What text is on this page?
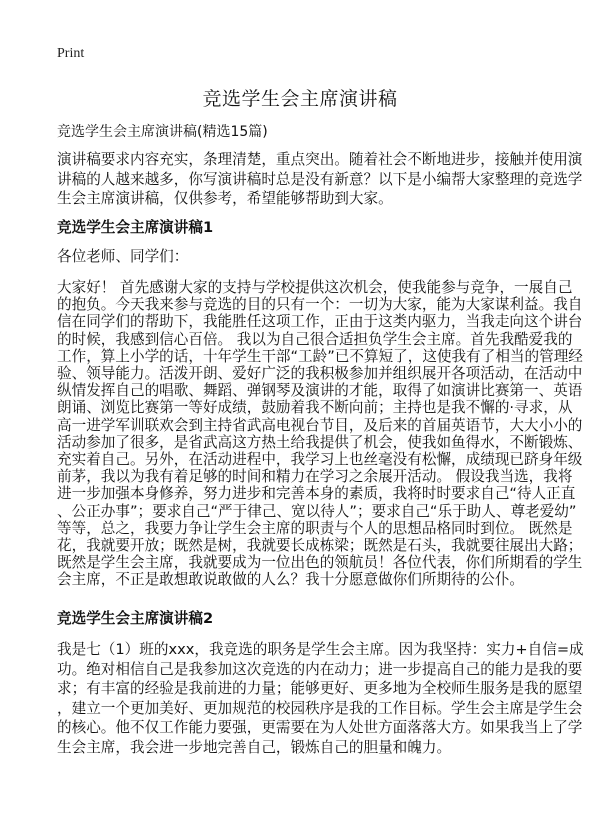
Print
竞选学生会主席演讲稿
竞选学生会主席演讲稿(精选15篇)
演讲稿要求内容充实，条理清楚，重点突出。随着社会不断地进步，接触并使用演
讲稿的人越来越多，你写演讲稿时总是没有新意？以下是小编帮大家整理的竞选学
生会主席演讲稿，仅供参考，希望能够帮助到大家。
竞选学生会主席演讲稿1
各位老师、同学们：
大家好！ 首先感谢大家的支持与学校提供这次机会，使我能参与竞争，一展自己
的抱负。今天我来参与竞选的目的只有一个：一切为大家，能为大家谋利益。我自
信在同学们的帮助下，我能胜任这项工作，正由于这类内驱力，当我走向这个讲台
的时候，我感到信心百倍。 我以为自己很合适担负学生会主席。首先我酷爱我的
工作，算上小学的话，十年学生干部“工龄”已不算短了，这使我有了相当的管理经
验、领导能力。活泼开朗、爱好广泛的我积极参加并组织展开各项活动，在活动中
纵情发挥自己的唱歌、舞蹈、弹钢琴及演讲的才能，取得了如演讲比赛第一、英语
朗诵、浏览比赛第一等好成绩，鼓励着我不断向前；主持也是我不懈的·寻求，从
高一进学军训联欢会到主持省武高电视台节目，及后来的首届英语节，大大小小的
活动参加了很多，是省武高这方热土给我提供了机会，使我如鱼得水，不断锻炼、
充实着自己。另外，在活动进程中，我学习上也丝毫没有松懈，成绩现已跻身年级
前茅，我以为我有着足够的时间和精力在学习之余展开活动。 假设我当选，我将
进一步加强本身修养，努力进步和完善本身的素质，我将时时要求自己“待人正直
、公正办事”；要求自己“严于律己、宽以待人”；要求自己“乐于助人、尊老爱幼”
等等，总之，我要力争让学生会主席的职责与个人的思想品格同时到位。 既然是
花，我就要开放；既然是树，我就要长成栋梁；既然是石头，我就要往展出大路；
既然是学生会主席，我就要成为一位出色的领航员！各位代表，你们所期看的学生
会主席，不正是敢想敢说敢做的人么？我十分愿意做你们所期待的公仆。
竞选学生会主席演讲稿2
我是七（1）班的xxx，我竞选的职务是学生会主席。因为我坚持：实力+自信=成
功。绝对相信自己是我参加这次竞选的内在动力；进一步提高自己的能力是我的要
求；有丰富的经验是我前进的力量；能够更好、更多地为全校师生服务是我的愿望
，建立一个更加美好、更加规范的校园秩序是我的工作目标。学生会主席是学生会
的核心。他不仅工作能力要强，更需要在为人处世方面落落大方。如果我当上了学
生会主席，我会进一步地完善自己，锻炼自己的胆量和魄力。
